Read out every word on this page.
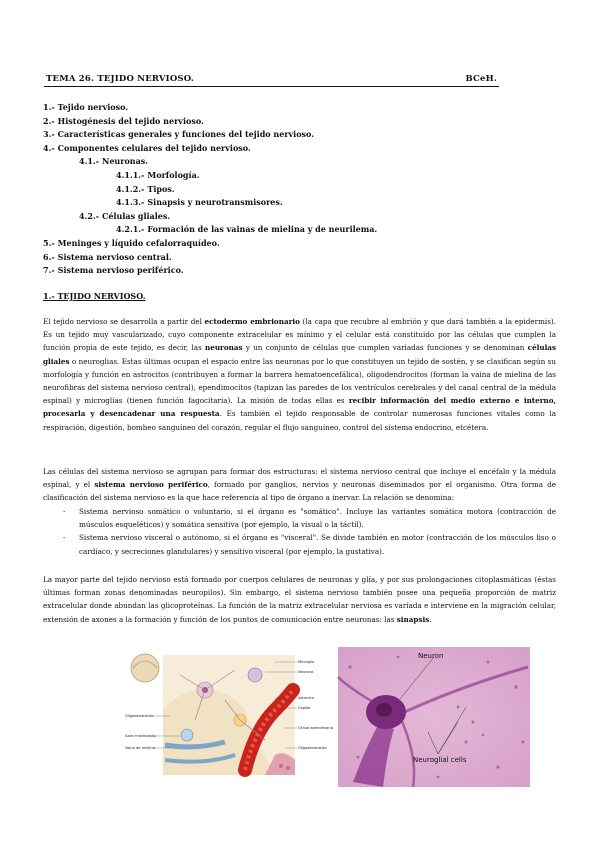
TEMA 26. TEJIDO NERVIOSO.	BCeH.
1.- Tejido nervioso.
2.- Histogénesis del tejido nervioso.
3.- Características generales y funciones del tejido nervioso.
4.- Componentes celulares del tejido nervioso.
4.1.- Neuronas.
4.1.1.- Morfología.
4.1.2.- Tipos.
4.1.3.- Sinapsis y neurotransmisores.
4.2.- Células gliales.
4.2.1.- Formación de las vainas de mielina y de neurilema.
5.- Meninges y líquido cefalorraquídeo.
6.- Sistema nervioso central.
7.- Sistema nervioso periférico.
1.- TEJIDO NERVIOSO.

El tejido nervioso se desarrolla a partir del ectodermo embrionario (la capa que recubre al embrión y que dará también a la epidermis). Es un tejido muy vascularizado, cuyo componente extracelular es mínimo y el celular está constituido por las células que cumplen la función propia de este tejido, es decir, las neuronas y un conjunto de células que cumplen variadas funciones y se denominan células gliales o neuroglias. Estas últimas ocupan el espacio entre las neuronas por lo que constituyen un tejido de sostén, y se clasifican según su morfología y función en astrocitos (contribuyen a formar la barrera hematoencefálica), oligodendrocitos (forman la vaina de mielina de las neurofibras del sistema nervioso central), ependimocitos (tapizan las paredes de los ventrículos cerebrales y del canal central de la médula espinal) y microglías (tienen función fagocitaria). La misión de todas ellas es recibir información del medio externo e interno, procesarla y desencadenar una respuesta. Es también el tejido responsable de controlar numerosas funciones vitales como la respiración, digestión, bombeo sanguíneo del corazón, regular el flujo sanguíneo, control del sistema endocrino, etcétera.

Las células del sistema nervioso se agrupan para formar dos estructuras: el sistema nervioso central que incluye el encéfalo y la médula espinal, y el sistema nervioso periférico, formado por ganglios, nervios y neuronas diseminados por el organismo. Otra forma de clasificación del sistema nervioso es la que hace referencia al tipo de órgano a inervar. La relación se denomina:

-	Sistema nervioso somático o voluntario, si el órgano es "somático". Incluye las variantes somática motora (contracción de músculos esqueléticos) y somática sensitiva (por ejemplo, la visual o la táctil).
-	Sistema nervioso visceral o autónomo, si el órgano es "visceral". Se divide también en motor (contracción de los músculos liso o cardíaco, y secreciones glandulares) y sensitivo visceral (por ejemplo, la gustativa).

La mayor parte del tejido nervioso está formado por cuerpos celulares de neuronas y glía, y por sus prolongaciones citoplasmáticas (éstas últimas forman zonas denominadas neuropilos). Sin embargo, el sistema nervioso también posee una pequeña proporción de matriz extracelular donde abundan las glicoproteínas. La función de la matriz extracelular nerviosa es variada e interviene en la migración celular, extensión de axones a la formación y función de los puntos de comunicación entre neuronas: las sinapsis.

Microglía
Neurona
Astrocito
Capilar
Célula ependimaria
Oligodendrocito
Oligodendrocito
Axón mielinizado
Vaina de mielina
Neuron
Neuroglial cells
